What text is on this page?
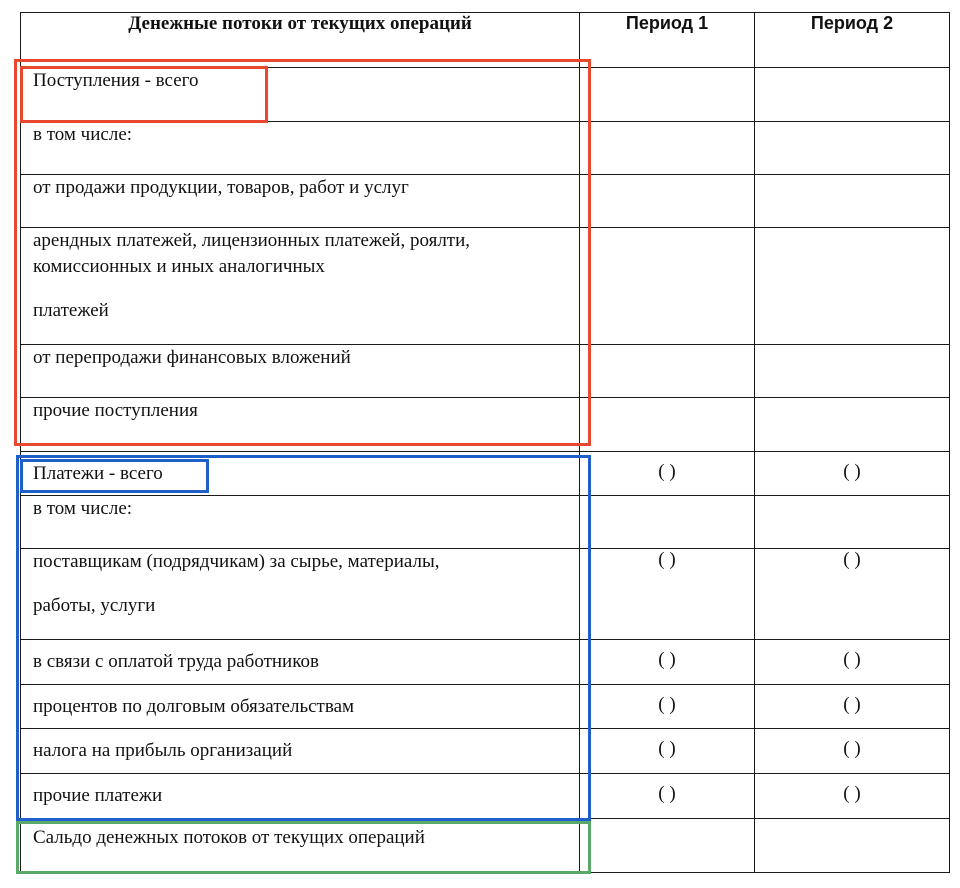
Денежные потоки от текущих операций	Период 1	Период 2
Поступления - всего		
в том числе:		
от продажи продукции, товаров, работ и услуг		
арендных платежей, лицензионных платежей, роялти,
комиссионных и иных аналогичных
платежей		

от перепродажи финансовых вложений		
прочие поступления		
Платежи - всего	( )	( )
в том числе:		
поставщикам (подрядчикам) за сырье, материалы,
работы, услуги	( )	( )
в связи с оплатой труда работников	( )	( )
процентов по долговым обязательствам	( )	( )
налога на прибыль организаций	( )	( )
прочие платежи	( )	( )
Сальдо денежных потоков от текущих операций		
